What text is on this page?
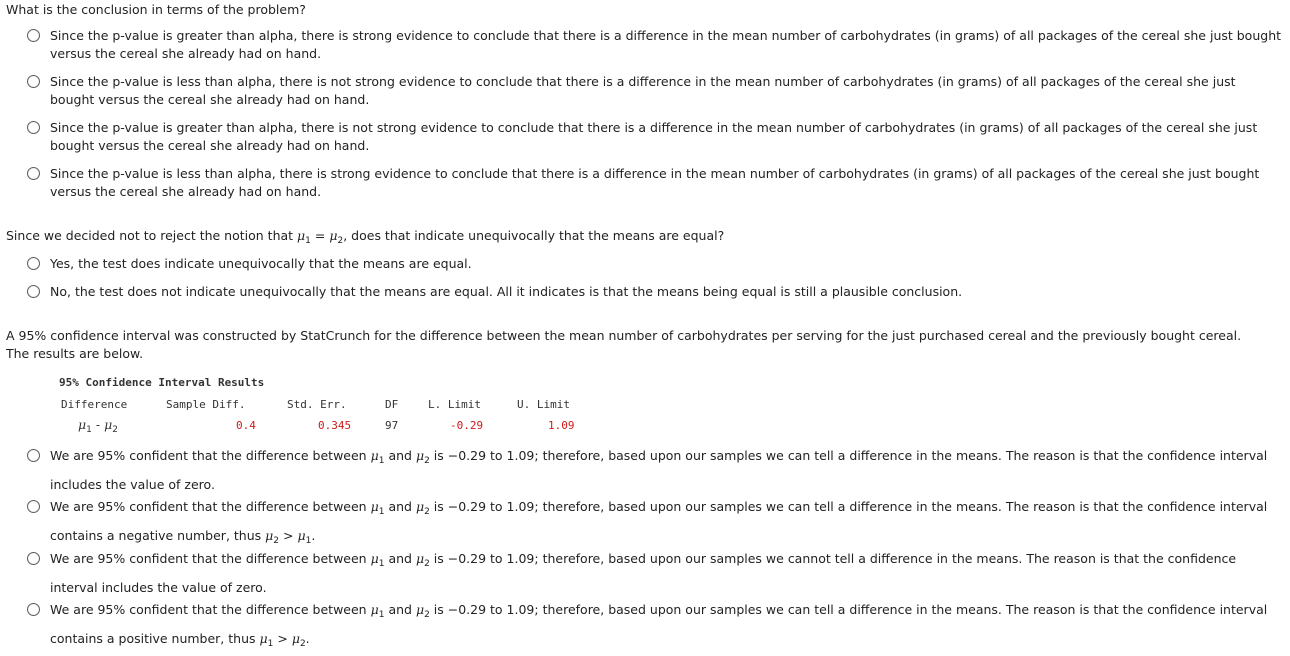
What is the conclusion in terms of the problem?
Since the p-value is greater than alpha, there is strong evidence to conclude that there is a difference in the mean number of carbohydrates (in grams) of all packages of the cereal she just bought versus the cereal she already had on hand.
Since the p-value is less than alpha, there is not strong evidence to conclude that there is a difference in the mean number of carbohydrates (in grams) of all packages of the cereal she just bought versus the cereal she already had on hand.
Since the p-value is greater than alpha, there is not strong evidence to conclude that there is a difference in the mean number of carbohydrates (in grams) of all packages of the cereal she just bought versus the cereal she already had on hand.
Since the p-value is less than alpha, there is strong evidence to conclude that there is a difference in the mean number of carbohydrates (in grams) of all packages of the cereal she just bought versus the cereal she already had on hand.

Since we decided not to reject the notion that $\mu_1 = \mu_2$, does that indicate unequivocally that the means are equal?

Yes, the test does indicate unequivocally that the means are equal.
No, the test does not indicate unequivocally that the means are equal. All it indicates is that the means being equal is still a plausible conclusion.

A 95% confidence interval was constructed by StatCrunch for the difference between the mean number of carbohydrates per serving for the just purchased cereal and the previously bought cereal. The results are below.

95% Confidence Interval Results
Difference	Sample Diff.	Std. Err.	DF	L. Limit	U. Limit
$\mu_1 - \mu_2$	0.4	0.345	97	-0.29	1.09
We are 95% confident that the difference between $\mu_1$ and $\mu_2$ is −0.29 to 1.09; therefore, based upon our samples we can tell a difference in the means. The reason is that the confidence interval includes the value of zero.
We are 95% confident that the difference between $\mu_1$ and $\mu_2$ is −0.29 to 1.09; therefore, based upon our samples we can tell a difference in the means. The reason is that the confidence interval contains a negative number, thus $\mu_2 > \mu_1$.
We are 95% confident that the difference between $\mu_1$ and $\mu_2$ is −0.29 to 1.09; therefore, based upon our samples we cannot tell a difference in the means. The reason is that the confidence interval includes the value of zero.
We are 95% confident that the difference between $\mu_1$ and $\mu_2$ is −0.29 to 1.09; therefore, based upon our samples we can tell a difference in the means. The reason is that the confidence interval contains a positive number, thus $\mu_1 > \mu_2$.
